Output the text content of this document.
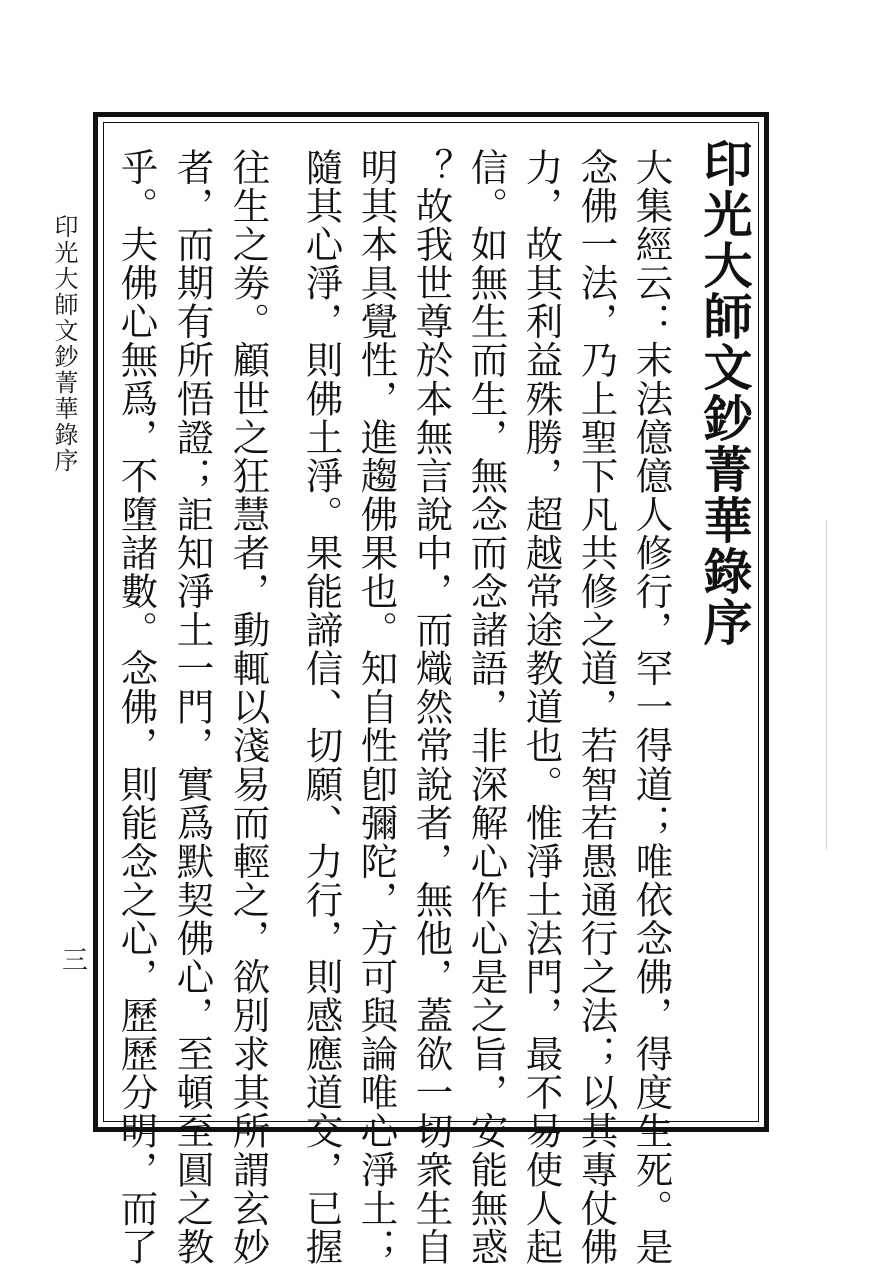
印光大師文鈔菁華錄序
大集經云：末法億億人修行，罕一得道；唯依念佛，得度生死。是
念佛一法，乃上聖下凡共修之道，若智若愚通行之法；以其專仗佛
力，故其利益殊勝，超越常途教道也。惟淨土法門，最不易使人起
信。如無生而生，無念而念諸語，非深解心作心是之旨，安能無惑
？故我世尊於本無言說中，而熾然常說者，無他，蓋欲一切衆生自
明其本具覺性，進趨佛果也。知自性卽彌陀，方可與論唯心淨土；
隨其心淨，則佛土淨。果能諦信、切願、力行，則感應道交，已握
往生之劵。顧世之狂慧者，動輒以淺易而輕之，欲別求其所謂玄妙
者，而期有所悟證；詎知淨土一門，實爲默契佛心，至頓至圓之教
乎。夫佛心無爲，不墮諸數。念佛，則能念之心，歷歷分明，而了
印光大師文鈔菁華錄序
三
